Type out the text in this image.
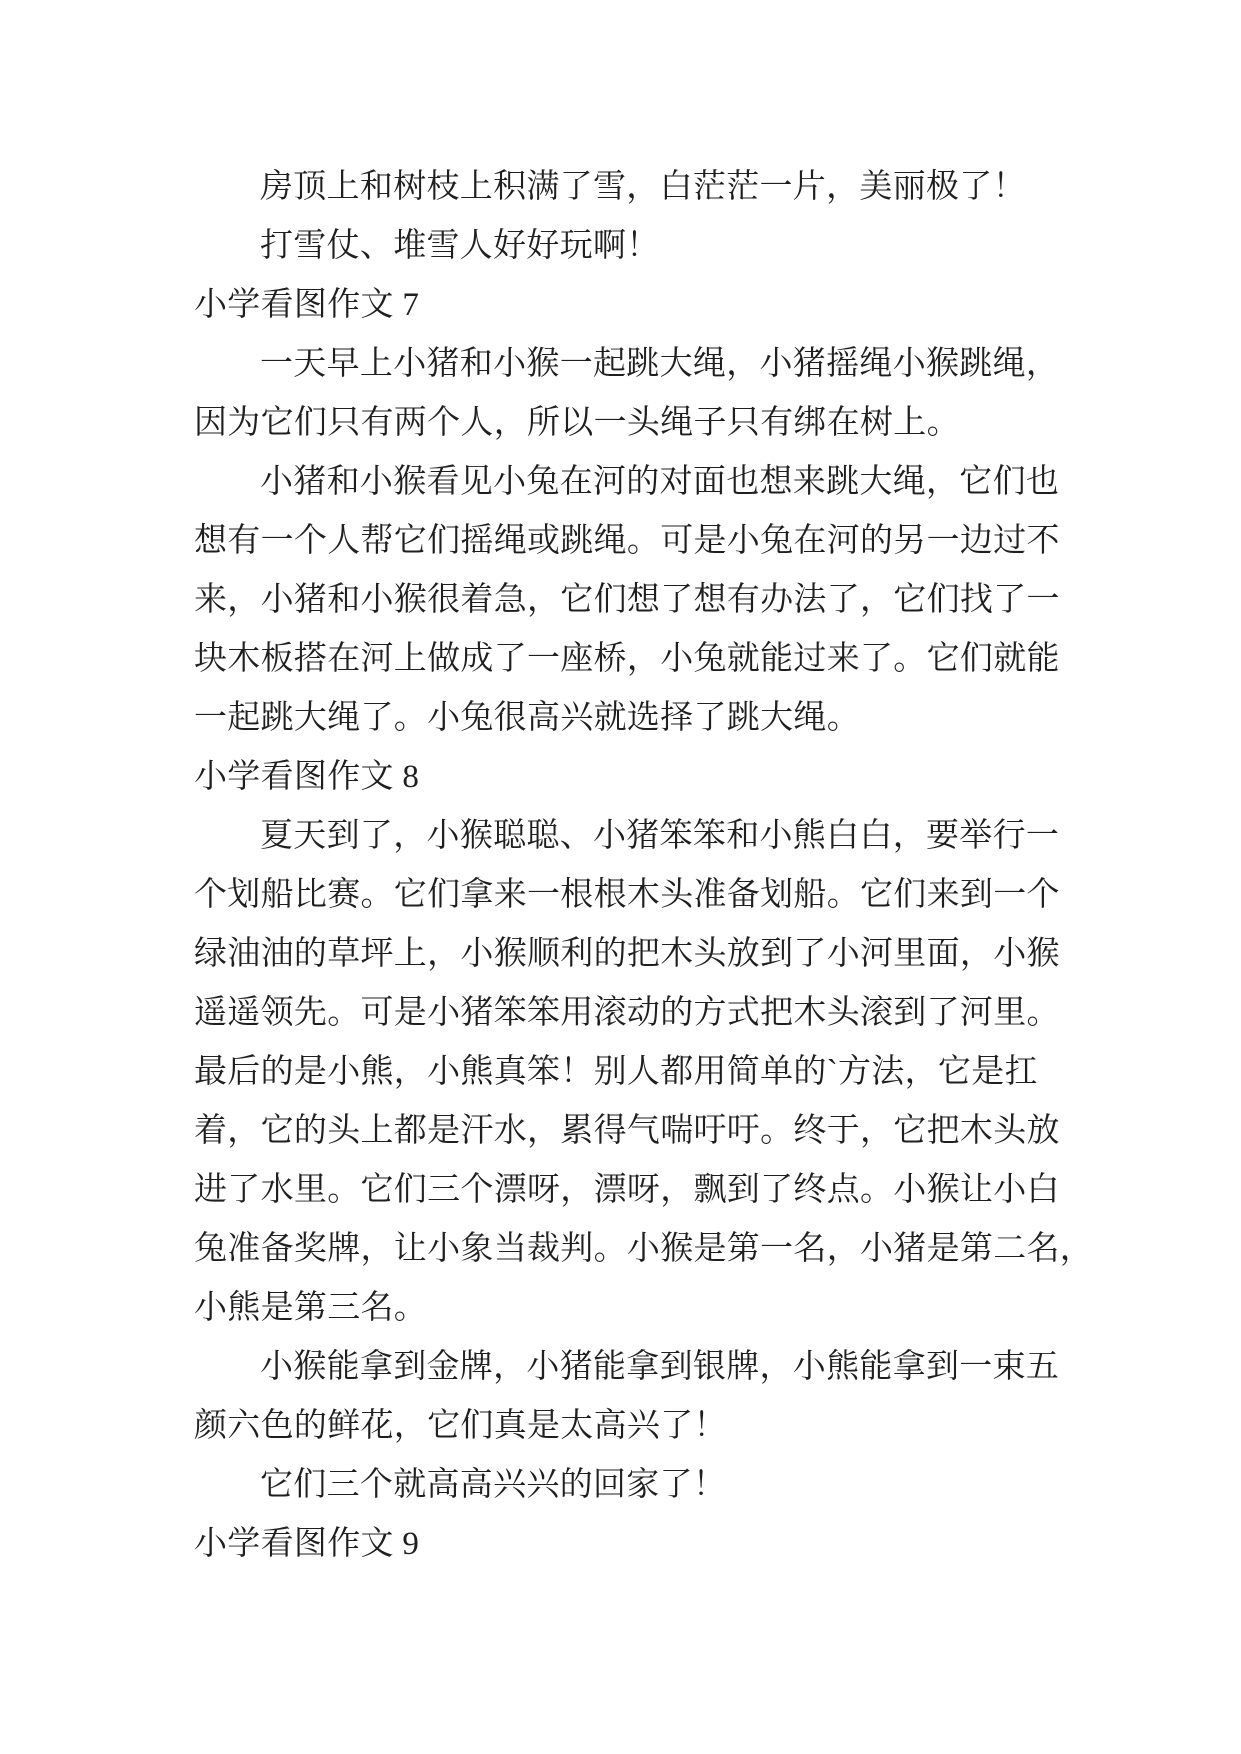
房顶上和树枝上积满了雪，白茫茫一片，美丽极了！
打雪仗、堆雪人好好玩啊！
小学看图作文 7
一天早上小猪和小猴一起跳大绳，小猪摇绳小猴跳绳，
因为它们只有两个人，所以一头绳子只有绑在树上。
小猪和小猴看见小兔在河的对面也想来跳大绳，它们也
想有一个人帮它们摇绳或跳绳。可是小兔在河的另一边过不
来，小猪和小猴很着急，它们想了想有办法了，它们找了一
块木板搭在河上做成了一座桥，小兔就能过来了。它们就能
一起跳大绳了。小兔很高兴就选择了跳大绳。
小学看图作文 8
夏天到了，小猴聪聪、小猪笨笨和小熊白白，要举行一
个划船比赛。它们拿来一根根木头准备划船。它们来到一个
绿油油的草坪上，小猴顺利的把木头放到了小河里面，小猴
遥遥领先。可是小猪笨笨用滚动的方式把木头滚到了河里。
最后的是小熊，小熊真笨！别人都用简单的`方法，它是扛
着，它的头上都是汗水，累得气喘吁吁。终于，它把木头放
进了水里。它们三个漂呀，漂呀，飘到了终点。小猴让小白
兔准备奖牌，让小象当裁判。小猴是第一名，小猪是第二名，
小熊是第三名。
小猴能拿到金牌，小猪能拿到银牌，小熊能拿到一束五
颜六色的鲜花，它们真是太高兴了！
它们三个就高高兴兴的回家了！
小学看图作文 9
